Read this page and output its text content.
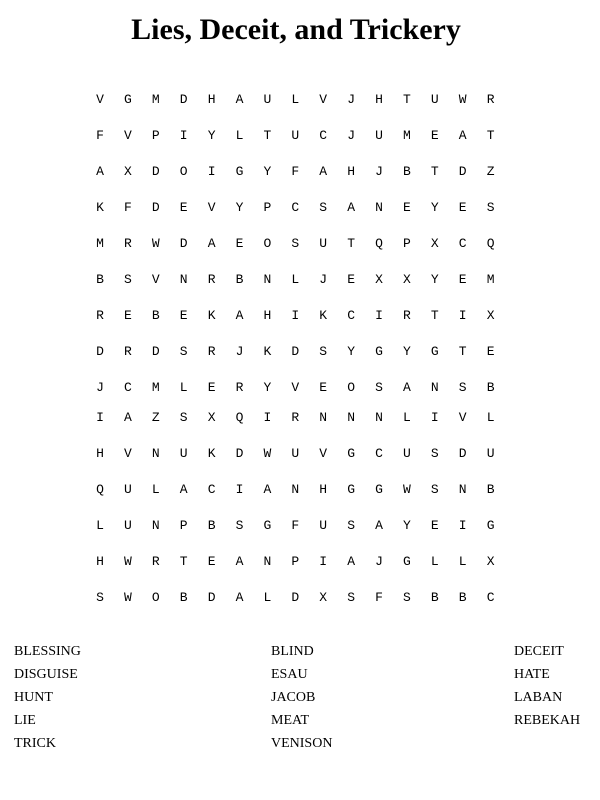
Lies, Deceit, and Trickery
V	G	M	D	H	A	U	L	V	J	H	T	U	W	R
F	V	P	I	Y	L	T	U	C	J	U	M	E	A	T
A	X	D	O	I	G	Y	F	A	H	J	B	T	D	Z
K	F	D	E	V	Y	P	C	S	A	N	E	Y	E	S
M	R	W	D	A	E	O	S	U	T	Q	P	X	C	Q
B	S	V	N	R	B	N	L	J	E	X	X	Y	E	M
R	E	B	E	K	A	H	I	K	C	I	R	T	I	X
D	R	D	S	R	J	K	D	S	Y	G	Y	G	T	E
J	C	M	L	E	R	Y	V	E	O	S	A	N	S	B
I	A	Z	S	X	Q	I	R	N	N	N	L	I	V	L
H	V	N	U	K	D	W	U	V	G	C	U	S	D	U
Q	U	L	A	C	I	A	N	H	G	G	W	S	N	B
L	U	N	P	B	S	G	F	U	S	A	Y	E	I	G
H	W	R	T	E	A	N	P	I	A	J	G	L	L	X
S	W	O	B	D	A	L	D	X	S	F	S	B	B	C
BLESSING
DISGUISE
HUNT
LIE
TRICK
BLIND
ESAU
JACOB
MEAT
VENISON
DECEIT
HATE
LABAN
REBEKAH
